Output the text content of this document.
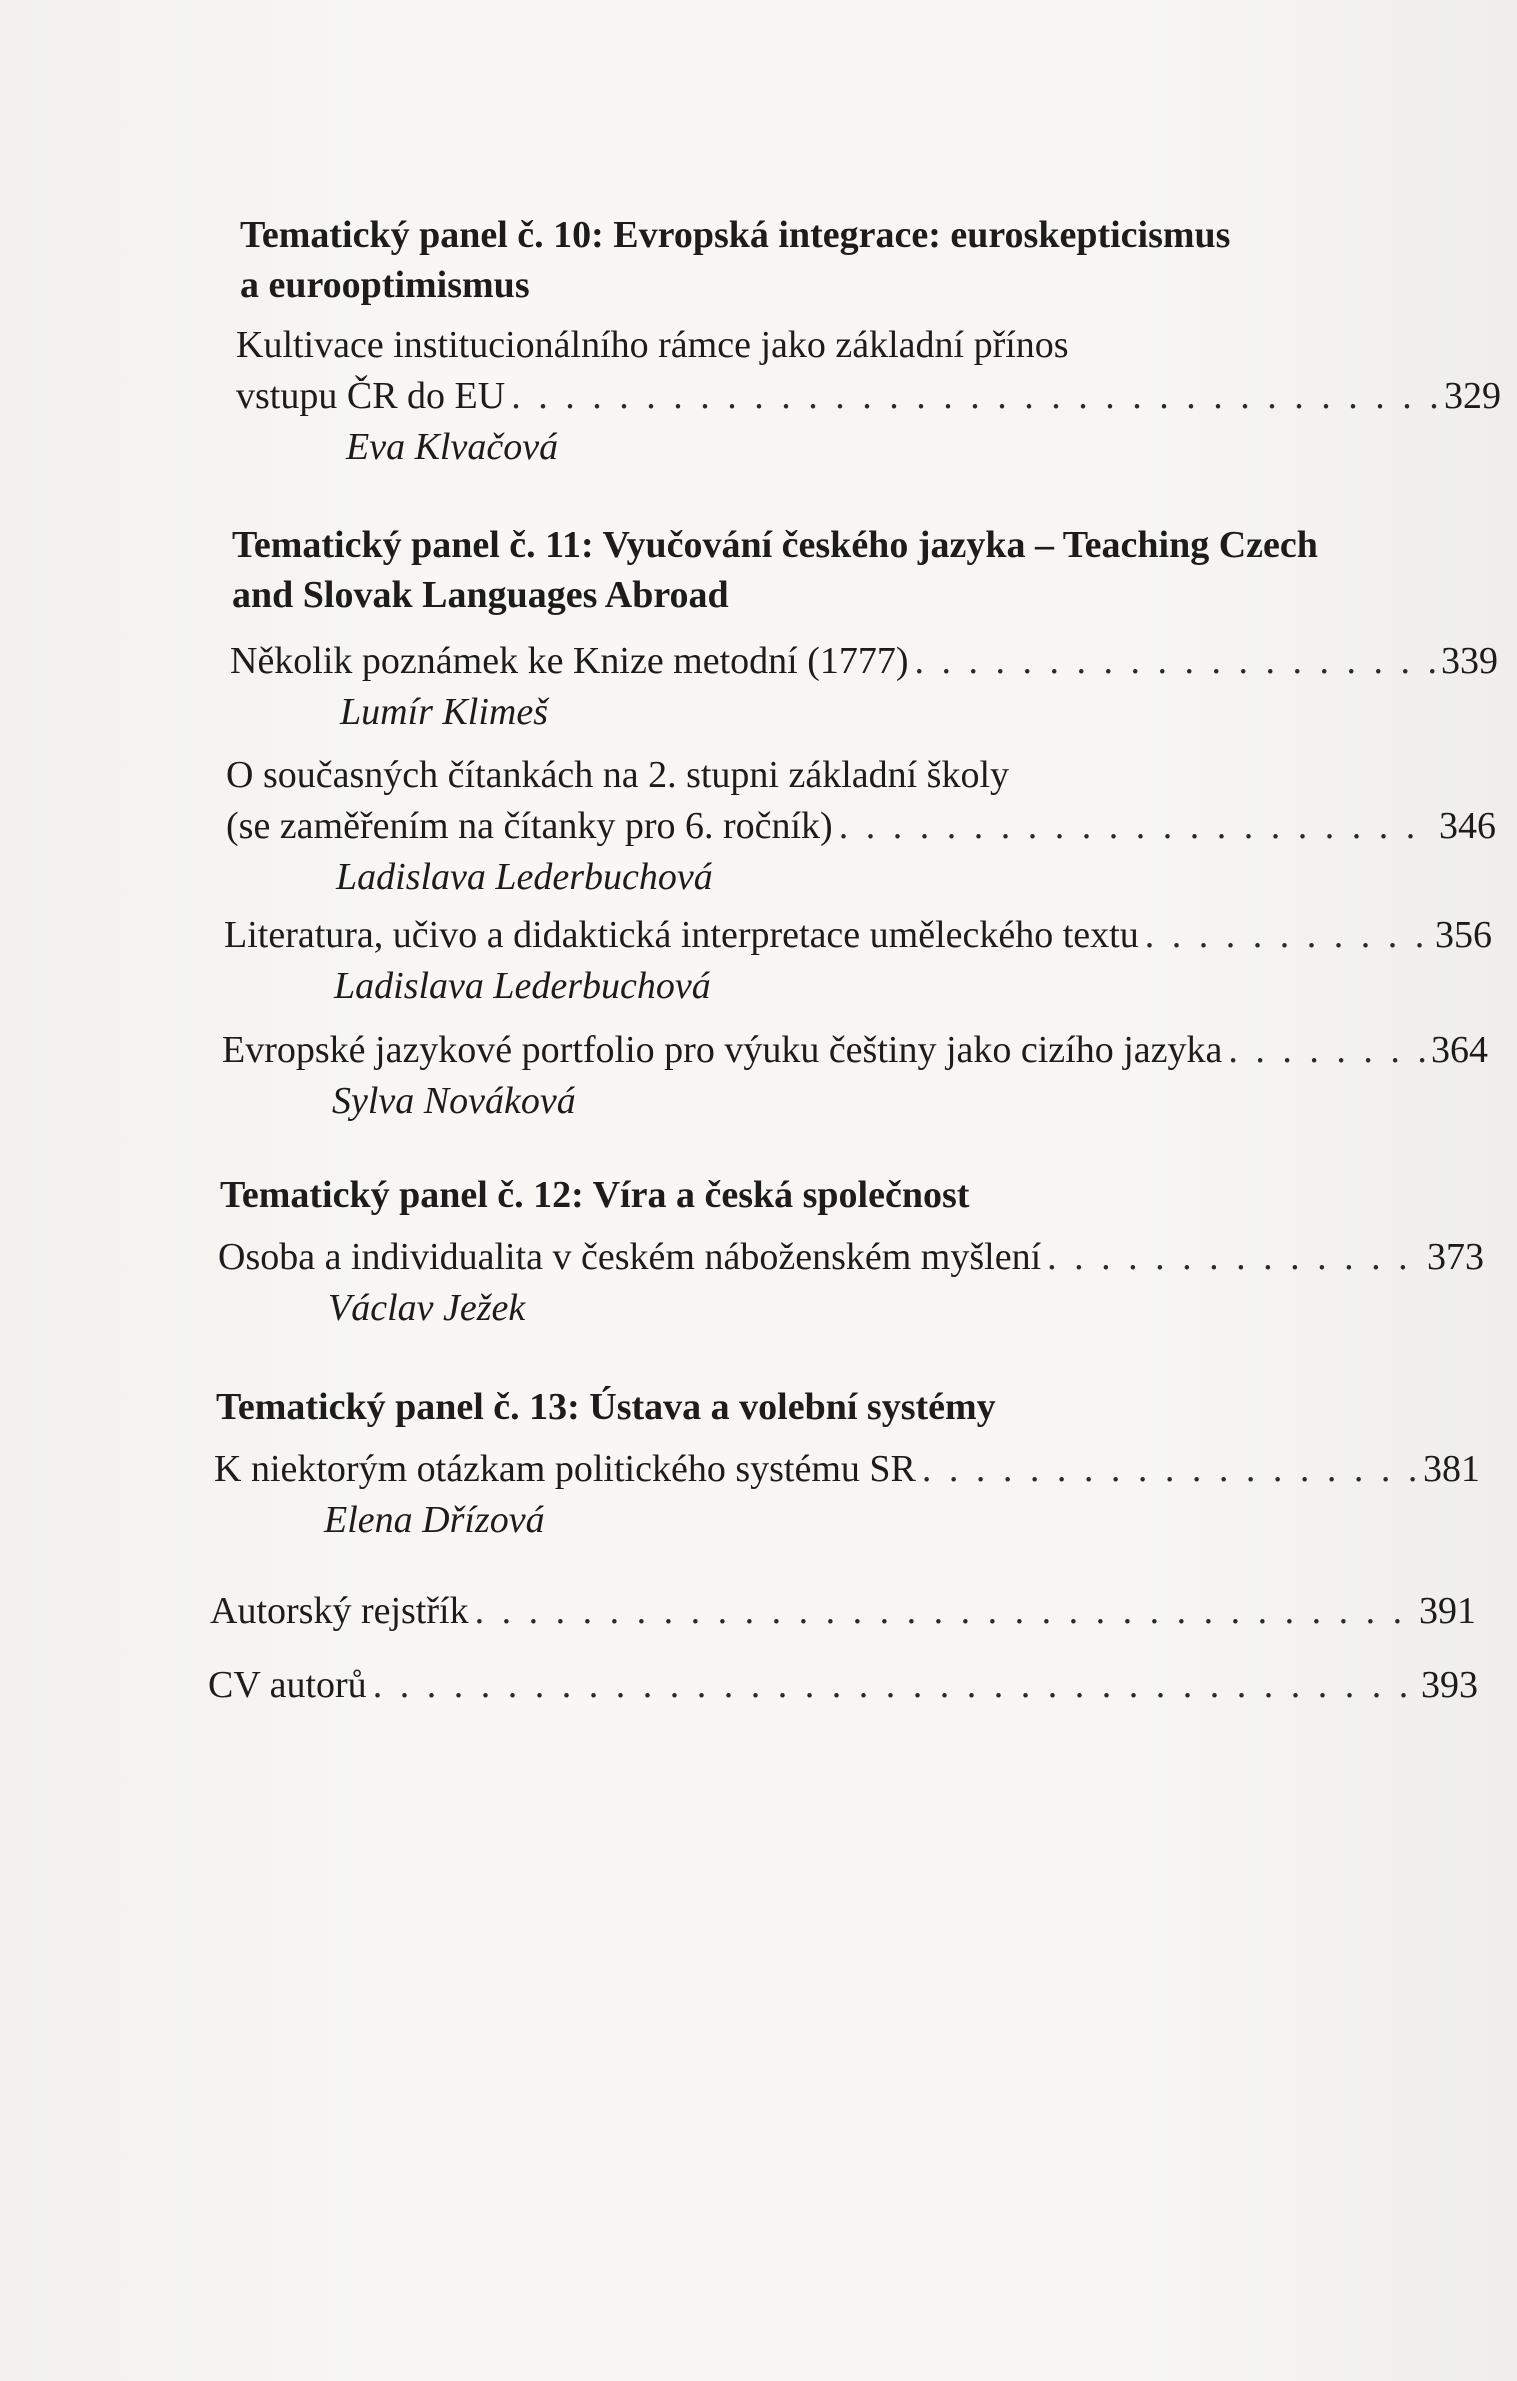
Tematický panel č. 10: Evropská integrace: euroskepticismus
a eurooptimismus
Kultivace institucionálního rámce jako základní přínos
vstupu ČR do EU . . .	329
Eva Klvačová
Tematický panel č. 11: Vyučování českého jazyka – Teaching Czech
and Slovak Languages Abroad
Několik poznámek ke Knize metodní (1777) . . .	339
Lumír Klimeš
O současných čítankách na 2. stupni základní školy
(se zaměřením na čítanky pro 6. ročník) . . .	346
Ladislava Lederbuchová
Literatura, učivo a didaktická interpretace uměleckého textu . . .	356
Ladislava Lederbuchová
Evropské jazykové portfolio pro výuku češtiny jako cizího jazyka . . .	364
Sylva Nováková
Tematický panel č. 12: Víra a česká společnost
Osoba a individualita v českém náboženském myšlení . . .	373
Václav Ježek
Tematický panel č. 13: Ústava a volební systémy
K niektorým otázkam politického systému SR . . .	381
Elena Dřízová
Autorský rejstřík . . .	391
CV autorů . . .	393
